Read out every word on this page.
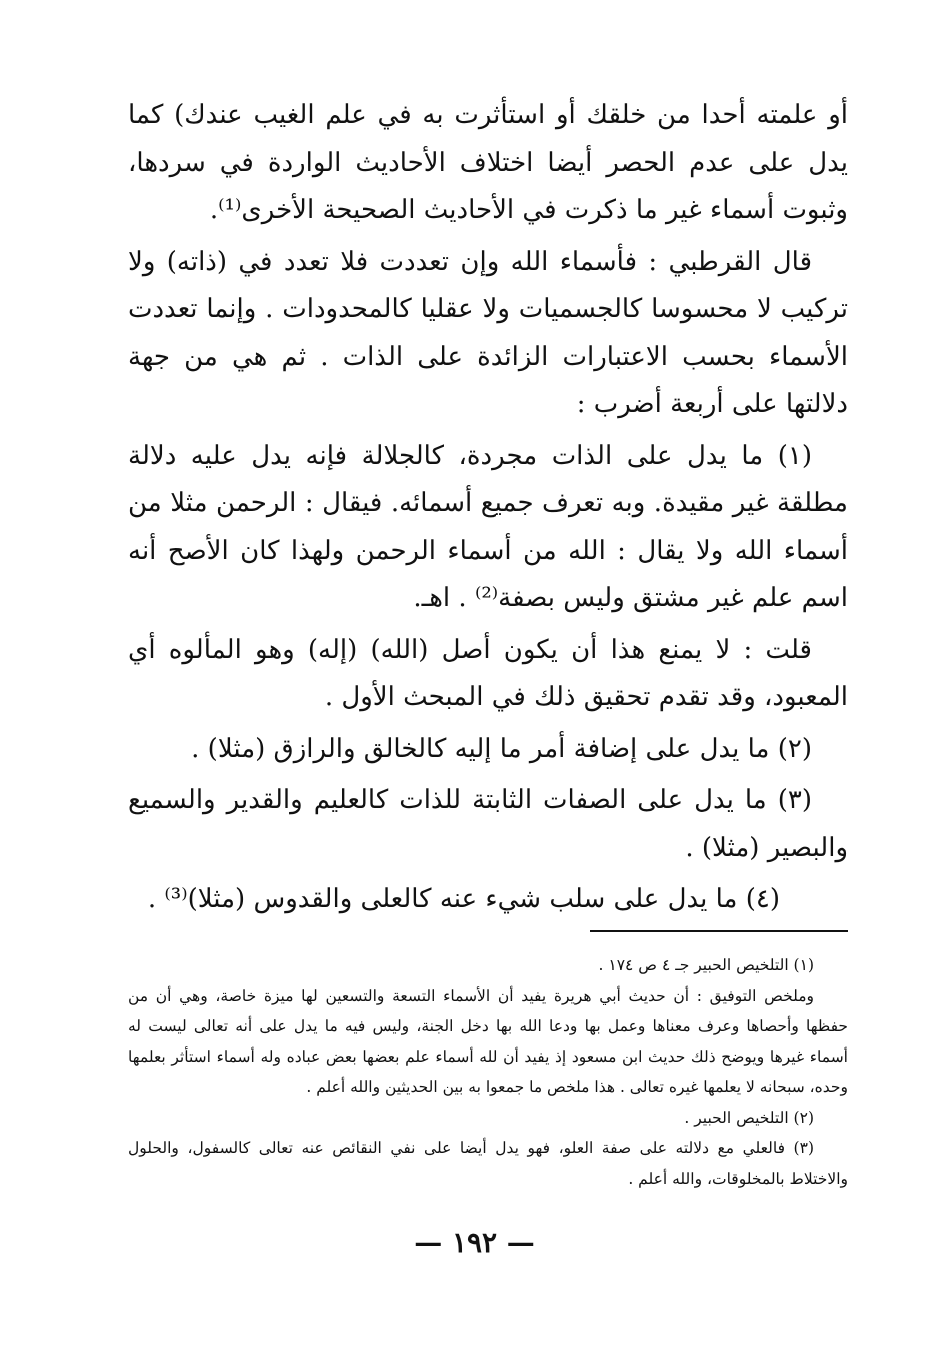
أو علمته أحدا من خلقك أو استأثرت به في علم الغيب عندك) كما يدل على عدم الحصر أيضا اختلاف الأحاديث الواردة في سردها، وثبوت أسماء غير ما ذكرت في الأحاديث الصحيحة الأخرى⁽¹⁾.

قال القرطبي : فأسماء الله وإن تعددت فلا تعدد في (ذاته) ولا تركيب لا محسوسا كالجسميات ولا عقليا كالمحدودات . وإنما تعددت الأسماء بحسب الاعتبارات الزائدة على الذات . ثم هي من جهة دلالتها على أربعة أضرب :

(١) ما يدل على الذات مجردة، كالجلالة فإنه يدل عليه دلالة مطلقة غير مقيدة. وبه تعرف جميع أسمائه. فيقال : الرحمن مثلا من أسماء الله ولا يقال : الله من أسماء الرحمن ولهذا كان الأصح أنه اسم علم غير مشتق وليس بصفة⁽²⁾ . اهـ.

قلت : لا يمنع هذا أن يكون أصل (الله) (إله) وهو المألوه أي المعبود، وقد تقدم تحقيق ذلك في المبحث الأول .

(٢) ما يدل على إضافة أمر ما إليه كالخالق والرازق (مثلا) .

(٣) ما يدل على الصفات الثابتة للذات كالعليم والقدير والسميع والبصير (مثلا) .

(٤) ما يدل على سلب شيء عنه كالعلى والقدوس (مثلا)⁽³⁾ .

(١) التلخيص الحبير جـ ٤ ص ١٧٤ .

وملخص التوفيق : أن حديث أبي هريرة يفيد أن الأسماء التسعة والتسعين لها ميزة خاصة، وهي أن من حفظها وأحصاها وعرف معناها وعمل بها ودعا الله بها دخل الجنة، وليس فيه ما يدل على أنه تعالى ليست له أسماء غيرها ويوضح ذلك حديث ابن مسعود إذ يفيد أن لله أسماء علم بعضها بعض عباده وله أسماء استأثر بعلمها وحده، سبحانه لا يعلمها غيره تعالى . هذا ملخص ما جمعوا به بين الحديثين والله أعلم .

(٢) التلخيص الحبير .

(٣) فالعلي مع دلالته على صفة العلو، فهو يدل أيضا على نفي النقائص عنه تعالى كالسفول، والحلول والاختلاط بالمخلوقات، والله أعلم .

— ١٩٢ —
